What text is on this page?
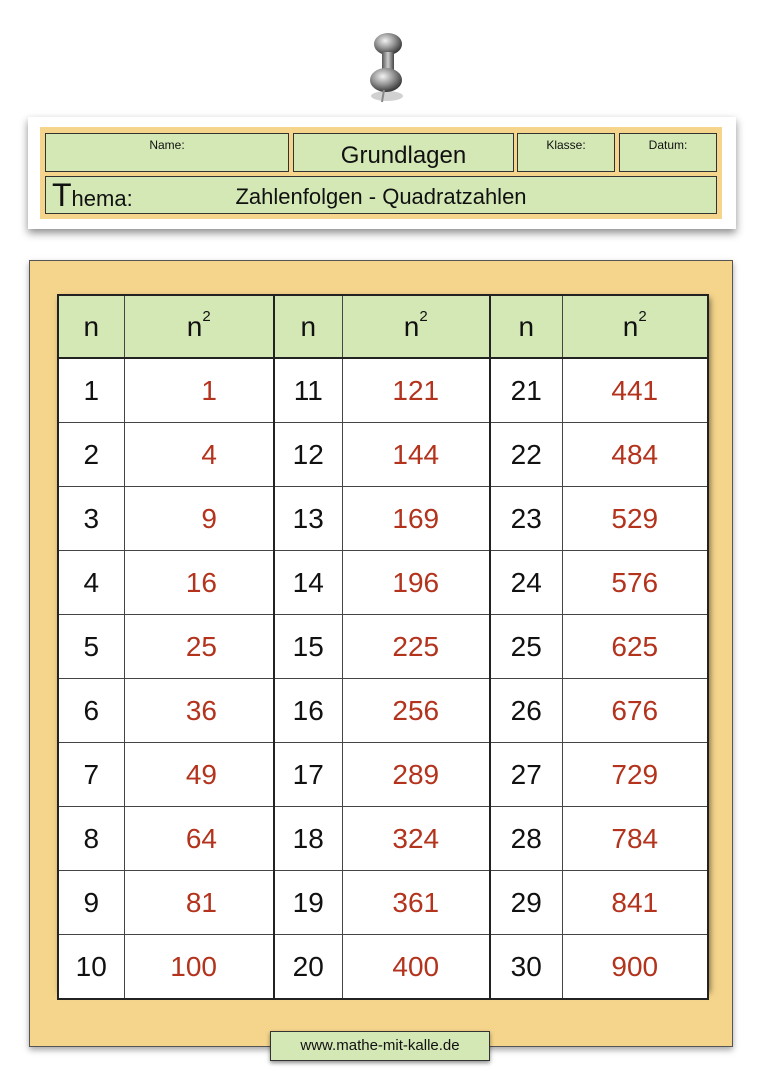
Name:	Grundlagen	Klasse:	Datum:
Thema:	Zahlenfolgen - Quadratzahlen
n	$n^2$	n	$n^2$	n	$n^2$
1	1	11	121	21	441
2	4	12	144	22	484
3	9	13	169	23	529
4	16	14	196	24	576
5	25	15	225	25	625
6	36	16	256	26	676
7	49	17	289	27	729
8	64	18	324	28	784
9	81	19	361	29	841
10	100	20	400	30	900
www.mathe-mit-kalle.de
